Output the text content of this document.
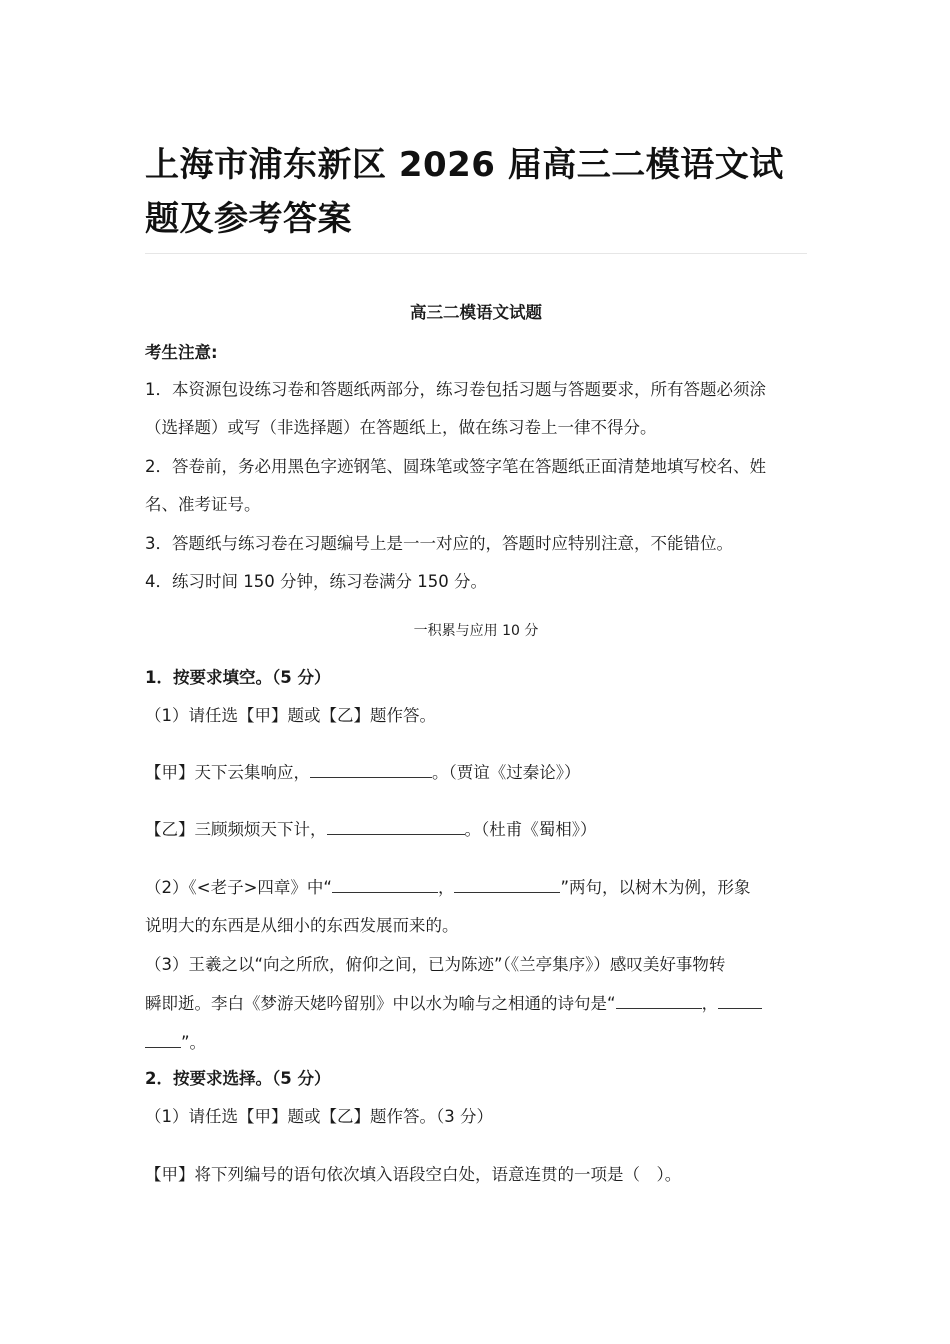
上海市浦东新区 2026 届高三二模语文试题及参考答案
高三二模语文试题
考生注意:
1．本资源包设练习卷和答题纸两部分，练习卷包括习题与答题要求，所有答题必须涂
（选择题）或写（非选择题）在答题纸上，做在练习卷上一律不得分。
2．答卷前，务必用黑色字迹钢笔、圆珠笔或签字笔在答题纸正面清楚地填写校名、姓
名、准考证号。
3．答题纸与练习卷在习题编号上是一一对应的，答题时应特别注意，不能错位。
4．练习时间 150 分钟，练习卷满分 150 分。
一积累与应用 10 分
1．按要求填空。（5 分）
（1）请任选【甲】题或【乙】题作答。
【甲】天下云集响应，	。（贾谊《过秦论》）
【乙】三顾频烦天下计，	。（杜甫《蜀相》）
（2）《<老子>四章》中“	，	”两句，以树木为例，形象
说明大的东西是从细小的东西发展而来的。
（3）王羲之以“向之所欣，俯仰之间，已为陈迹”（《兰亭集序》）感叹美好事物转
瞬即逝。李白《梦游天姥吟留别》中以水为喻与之相通的诗句是“	，
”。
2．按要求选择。（5 分）
（1）请任选【甲】题或【乙】题作答。（3 分）
【甲】将下列编号的语句依次填入语段空白处，语意连贯的一项是（　）。
